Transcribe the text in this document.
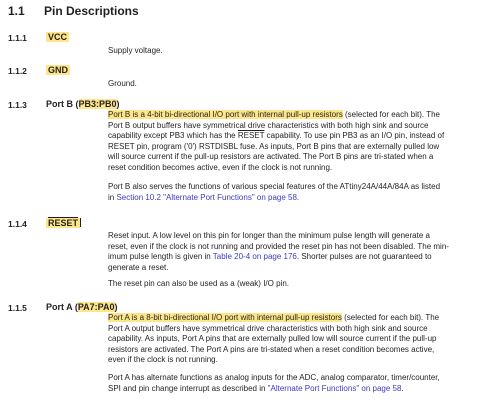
1.1 Pin Descriptions
1.1.1 VCC
Supply voltage.
1.1.2 GND
Ground.
1.1.3 Port B (PB3:PB0)
Port B is a 4-bit bi-directional I/O port with internal pull-up resistors (selected for each bit). The
Port B output buffers have symmetrical drive characteristics with both high sink and source
capability except PB3 which has the RESET capability. To use pin PB3 as an I/O pin, instead of
RESET pin, program ('0') RSTDISBL fuse. As inputs, Port B pins that are externally pulled low
will source current if the pull-up resistors are activated. The Port B pins are tri-stated when a
reset condition becomes active, even if the clock is not running.
Port B also serves the functions of various special features of the ATtiny24A/44A/84A as listed
in Section 10.2 "Alternate Port Functions" on page 58.
1.1.4 RESET
Reset input. A low level on this pin for longer than the minimum pulse length will generate a
reset, even if the clock is not running and provided the reset pin has not been disabled. The min-
imum pulse length is given in Table 20-4 on page 176. Shorter pulses are not guaranteed to
generate a reset.
The reset pin can also be used as a (weak) I/O pin.
1.1.5 Port A (PA7:PA0)
Port A is a 8-bit bi-directional I/O port with internal pull-up resistors (selected for each bit). The
Port A output buffers have symmetrical drive characteristics with both high sink and source
capability. As inputs, Port A pins that are externally pulled low will source current if the pull-up
resistors are activated. The Port A pins are tri-stated when a reset condition becomes active,
even if the clock is not running.
Port A has alternate functions as analog inputs for the ADC, analog comparator, timer/counter,
SPI and pin change interrupt as described in "Alternate Port Functions" on page 58.
